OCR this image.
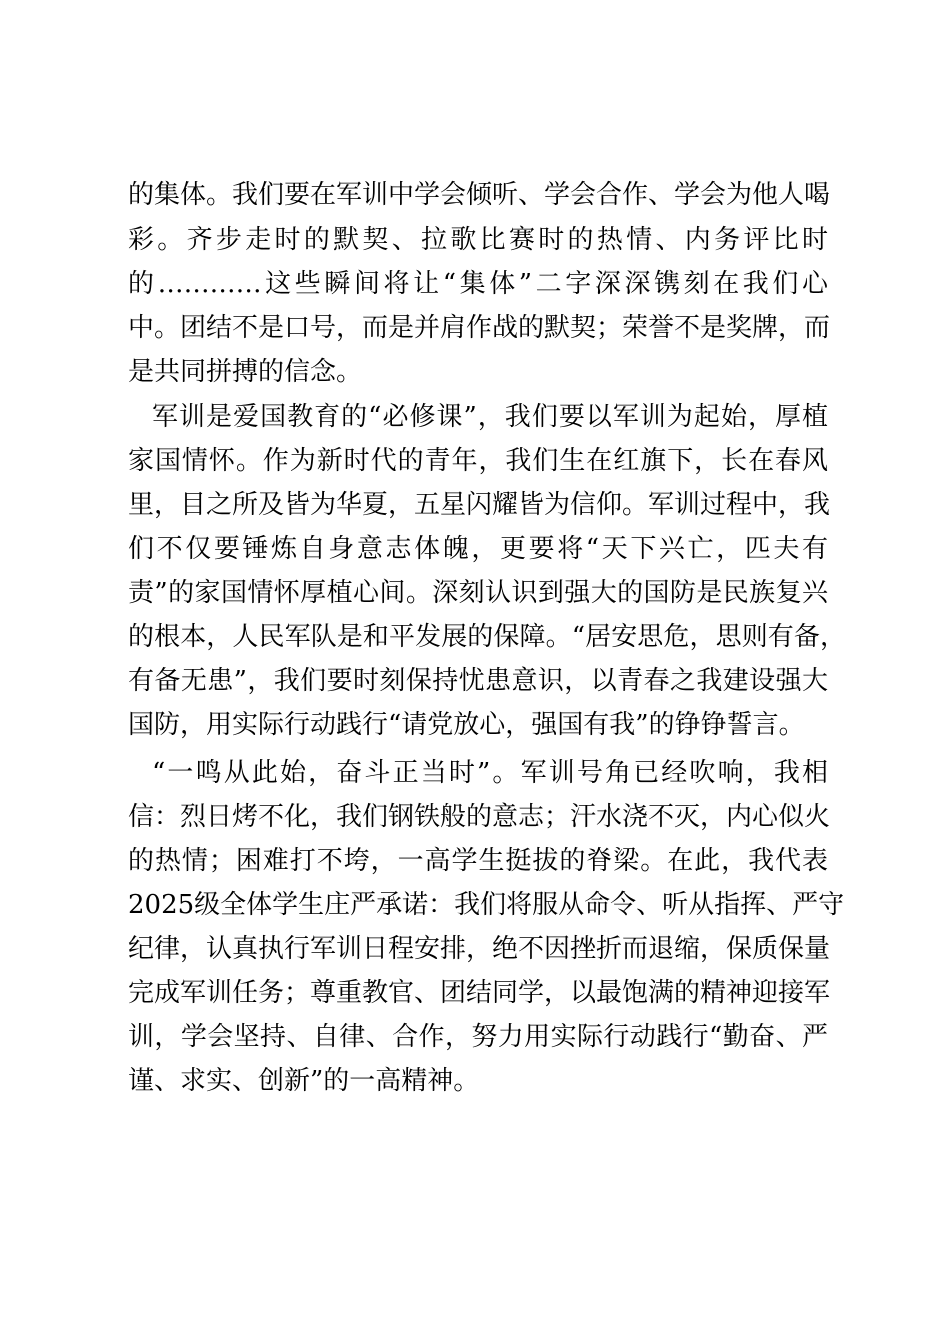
的集体。我们要在军训中学会倾听、学会合作、学会为他人喝
彩。齐步走时的默契、拉歌比赛时的热情、内务评比时
的…………这些瞬间将让“集体”二字深深镌刻在我们心
中。团结不是口号，而是并肩作战的默契；荣誉不是奖牌，而
是共同拼搏的信念。
军训是爱国教育的“必修课”，我们要以军训为起始，厚植
家国情怀。作为新时代的青年，我们生在红旗下，长在春风
里，目之所及皆为华夏，五星闪耀皆为信仰。军训过程中，我
们不仅要锤炼自身意志体魄，更要将“天下兴亡，匹夫有
责”的家国情怀厚植心间。深刻认识到强大的国防是民族复兴
的根本，人民军队是和平发展的保障。“居安思危，思则有备，
有备无患”，我们要时刻保持忧患意识，以青春之我建设强大
国防，用实际行动践行“请党放心，强国有我”的铮铮誓言。
“一鸣从此始，奋斗正当时”。军训号角已经吹响，我相
信：烈日烤不化，我们钢铁般的意志；汗水浇不灭，内心似火
的热情；困难打不垮，一高学生挺拔的脊梁。在此，我代表
2025级全体学生庄严承诺：我们将服从命令、听从指挥、严守
纪律，认真执行军训日程安排，绝不因挫折而退缩，保质保量
完成军训任务；尊重教官、团结同学，以最饱满的精神迎接军
训，学会坚持、自律、合作，努力用实际行动践行“勤奋、严
谨、求实、创新”的一高精神。
